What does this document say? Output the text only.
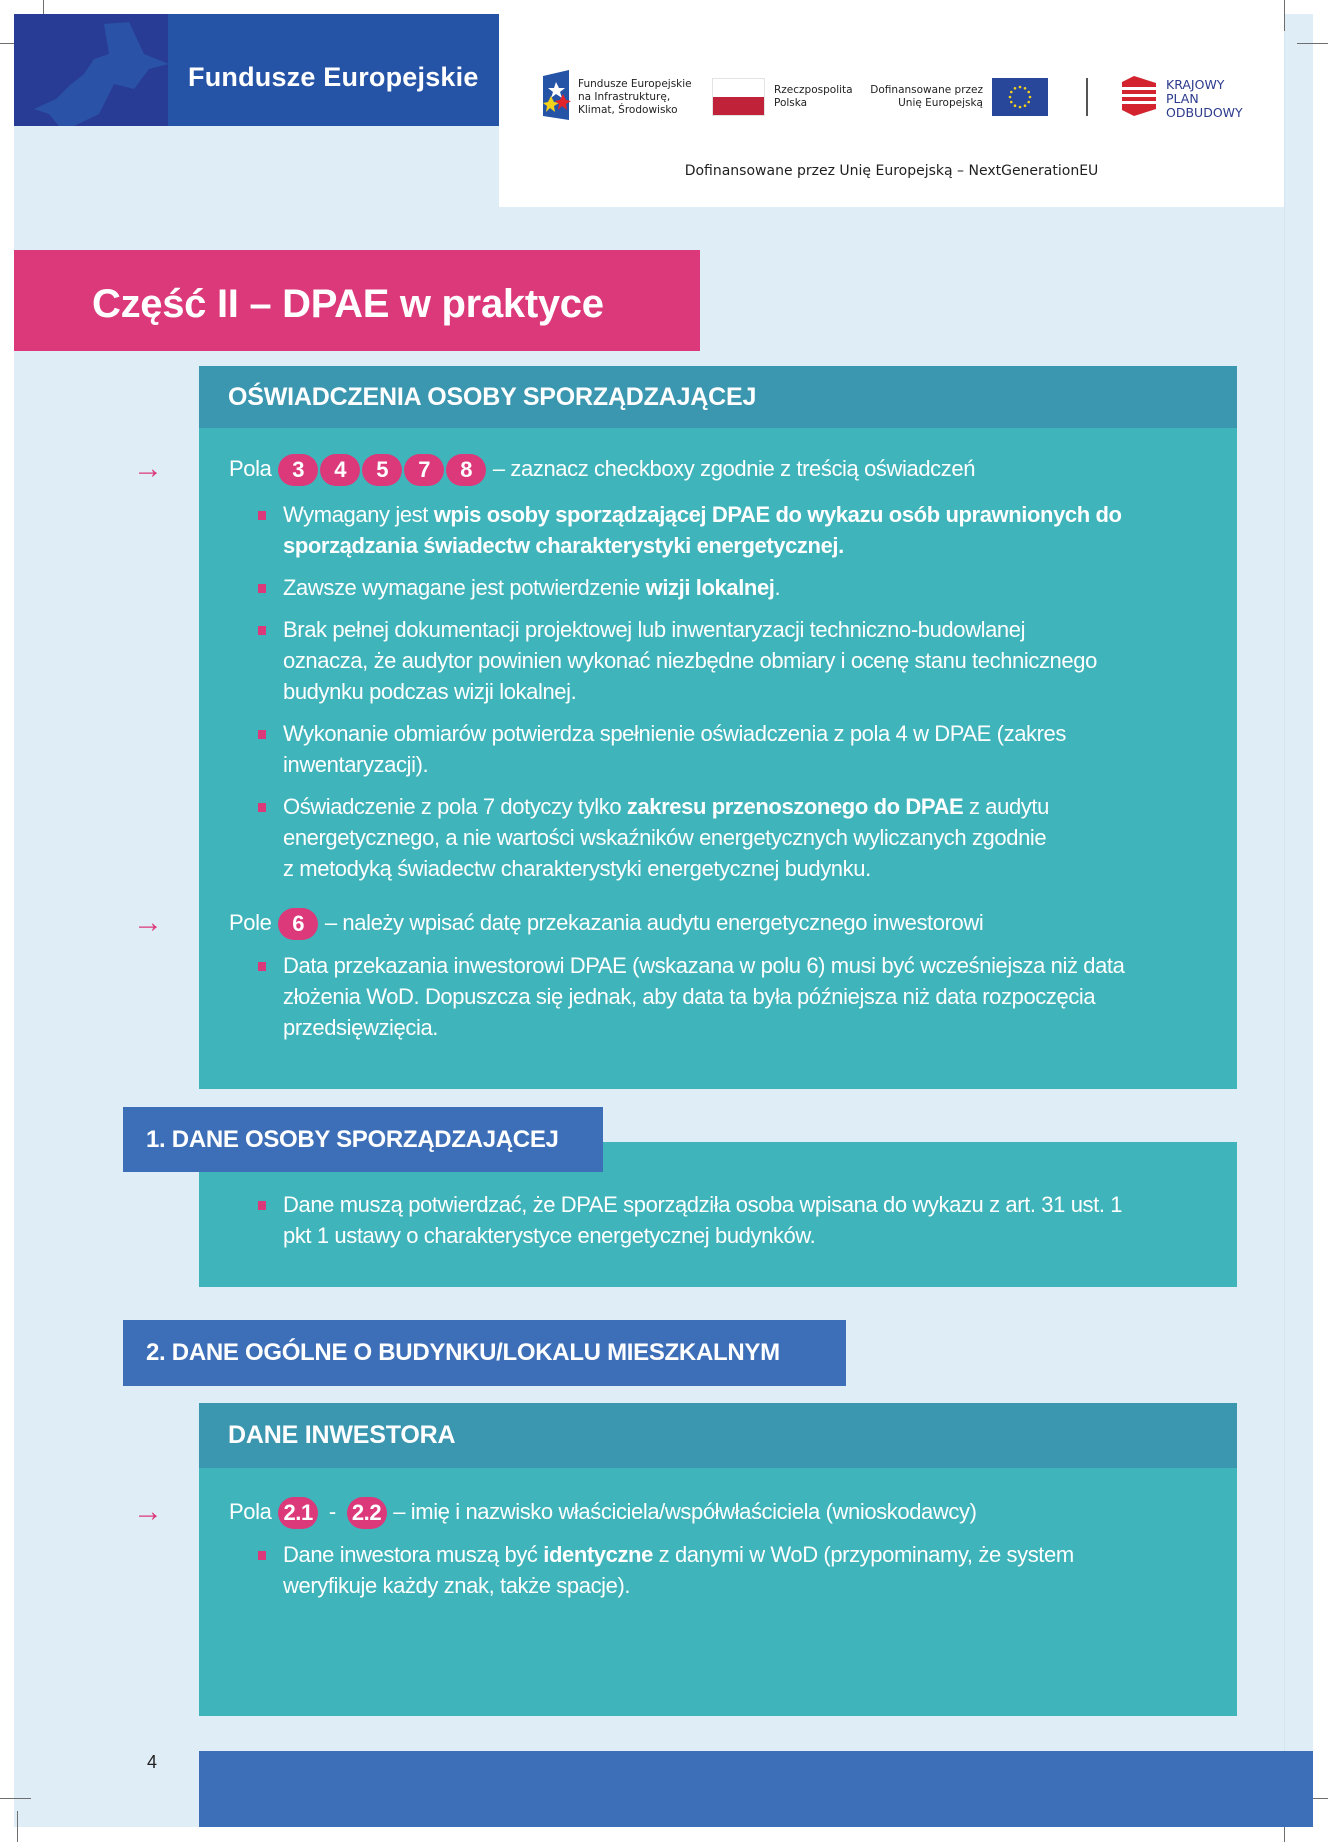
Fundusze Europejskie	Fundusze Europejskie
na Infrastrukturę,
Klimat, Środowisko
Rzeczpospolita
Polska
Dofinansowane przez
Unię Europejską
KRAJOWY
PLAN
ODBUDOWY
Dofinansowane przez Unię Europejską – NextGenerationEU
Część II – DPAE w praktyce
OŚWIADCZENIA OSOBY SPORZĄDZAJĄCEJ
→	Pola 3 4 5 7 8 – zaznacz checkboxy zgodnie z treścią oświadczeń
Wymagany jest wpis osoby sporządzającej DPAE do wykazu osób uprawnionych do
sporządzania świadectw charakterystyki energetycznej.
Zawsze wymagane jest potwierdzenie wizji lokalnej.
Brak pełnej dokumentacji projektowej lub inwentaryzacji techniczno-budowlanej
oznacza, że audytor powinien wykonać niezbędne obmiary i ocenę stanu technicznego
budynku podczas wizji lokalnej.
Wykonanie obmiarów potwierdza spełnienie oświadczenia z pola 4 w DPAE (zakres
inwentaryzacji).
Oświadczenie z pola 7 dotyczy tylko zakresu przenoszonego do DPAE z audytu
energetycznego, a nie wartości wskaźników energetycznych wyliczanych zgodnie
z metodyką świadectw charakterystyki energetycznej budynku.
→	Pole 6 – należy wpisać datę przekazania audytu energetycznego inwestorowi
Data przekazania inwestorowi DPAE (wskazana w polu 6) musi być wcześniejsza niż data
złożenia WoD. Dopuszcza się jednak, aby data ta była późniejsza niż data rozpoczęcia
przedsięwzięcia.
1. DANE OSOBY SPORZĄDZAJĄCEJ
Dane muszą potwierdzać, że DPAE sporządziła osoba wpisana do wykazu z art. 31 ust. 1
pkt 1 ustawy o charakterystyce energetycznej budynków.
2. DANE OGÓLNE O BUDYNKU/LOKALU MIESZKALNYM
DANE INWESTORA
→	Pola 2.1 - 2.2 – imię i nazwisko właściciela/współwłaściciela (wnioskodawcy)
Dane inwestora muszą być identyczne z danymi w WoD (przypominamy, że system
weryfikuje każdy znak, także spacje).
4
